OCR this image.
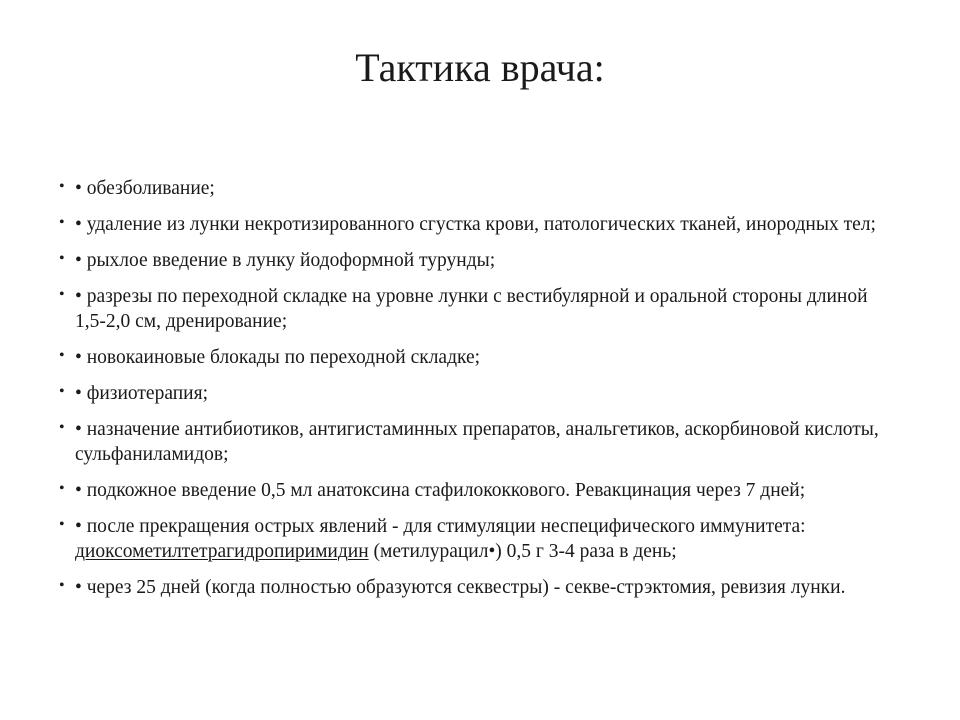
Тактика врача:
• • обезболивание;
• • удаление из лунки некротизированного сгустка крови, патологических тканей, инородных тел;
• • рыхлое введение в лунку йодоформной турунды;
• • разрезы по переходной складке на уровне лунки с вестибулярной и оральной стороны длиной 1,5-2,0 см, дренирование;
• • новокаиновые блокады по переходной складке;
• • физиотерапия;
• • назначение антибиотиков, антигистаминных препаратов, анальгетиков, аскорбиновой кислоты, сульфаниламидов;
• • подкожное введение 0,5 мл анатоксина стафилококкового. Ревакцинация через 7 дней;
• • после прекращения острых явлений - для стимуляции неспецифического иммунитета: диоксометилтетрагидропиримидин (метилурацил•) 0,5 г 3-4 раза в день;
• • через 25 дней (когда полностью образуются секвестры) - секве-стрэктомия, ревизия лунки.
